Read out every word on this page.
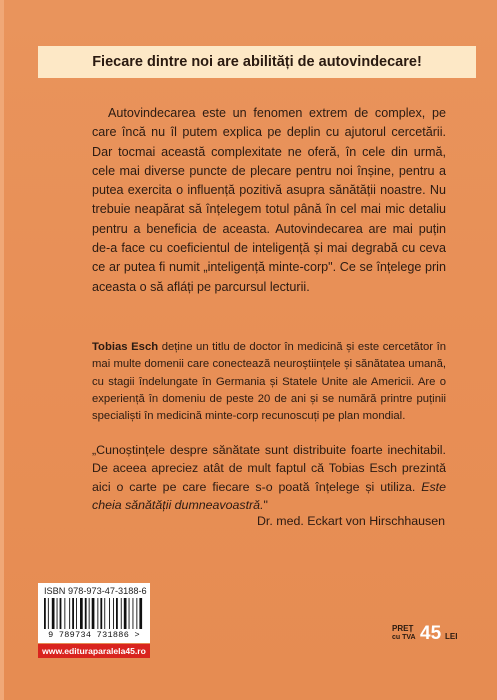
Fiecare dintre noi are abilități de autovindecare!

Autovindecarea este un fenomen extrem de complex, pe care încă nu îl putem explica pe deplin cu ajutorul cercetării. Dar tocmai această complexitate ne oferă, în cele din urmă, cele mai diverse puncte de plecare pentru noi înșine, pentru a putea exercita o influență pozitivă asupra sănătății noastre. Nu trebuie neapărat să înțelegem totul până în cel mai mic detaliu pentru a beneficia de aceasta. Autovindecarea are mai puțin de-a face cu coeficientul de inteligență și mai degrabă cu ceva ce ar putea fi numit „inteligență minte-corp". Ce se înțelege prin aceasta o să afláți pe parcursul lecturii.

Tobias Esch deține un titlu de doctor în medicină și este cercetător în mai multe domenii care conectează neuroștiințele și sănătatea umană, cu stagii îndelungate în Germania și Statele Unite ale Americii. Are o experiență în domeniu de peste 20 de ani și se numără printre puținii specialiști în medicină minte-corp recunoscuți pe plan mondial.

„Cunoștințele despre sănătate sunt distribuite foarte inechitabil. De aceea apreciez atât de mult faptul că Tobias Esch prezintă aici o carte pe care fiecare s-o poată înțelege și utiliza. Este cheia sănătății dumneavoastră."

Dr. med. Eckart von Hirschhausen
ISBN 978-973-47-3188-6
9 789734 731886 >
www.edituraparalela45.ro
PREȚ
cu TVA 45 LEI
